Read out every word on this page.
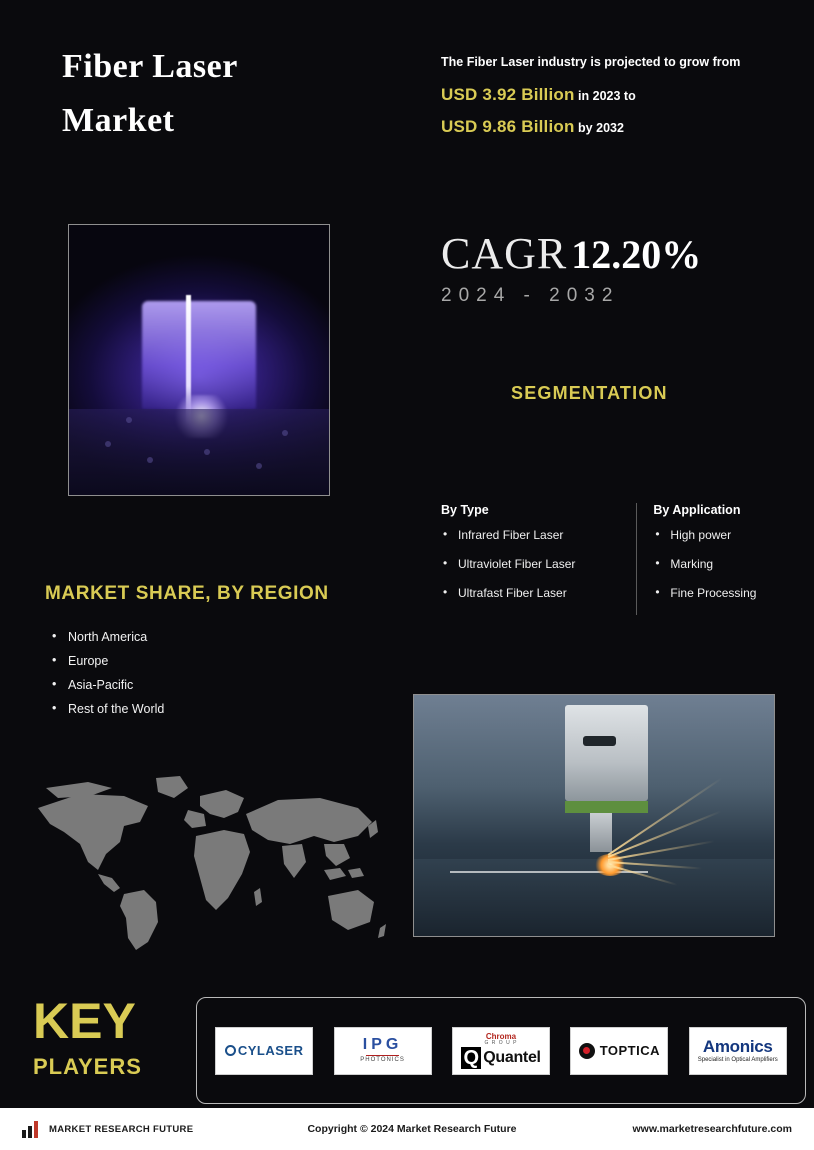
Fiber Laser
Market
The Fiber Laser industry is projected to grow from
USD 3.92 Billion in 2023 to
USD 9.86 Billion by 2032
CAGR 12.20%
2024 - 2032
SEGMENTATION
By Type
• Infrared Fiber Laser
• Ultraviolet Fiber Laser
• Ultrafast Fiber Laser
By Application
• High power
• Marking
• Fine Processing
MARKET SHARE, BY REGION
• North America
• Europe
• Asia-Pacific
• Rest of the World
KEY
PLAYERS
CYLASER	IPG
PHOTONICS
Chroma
G R O U P
Q Quantel	TOPTICA	Amonics
Specialist in Optical Amplifiers
MARKET RESEARCH FUTURE	Copyright © 2024 Market Research Future	www.marketresearchfuture.com
